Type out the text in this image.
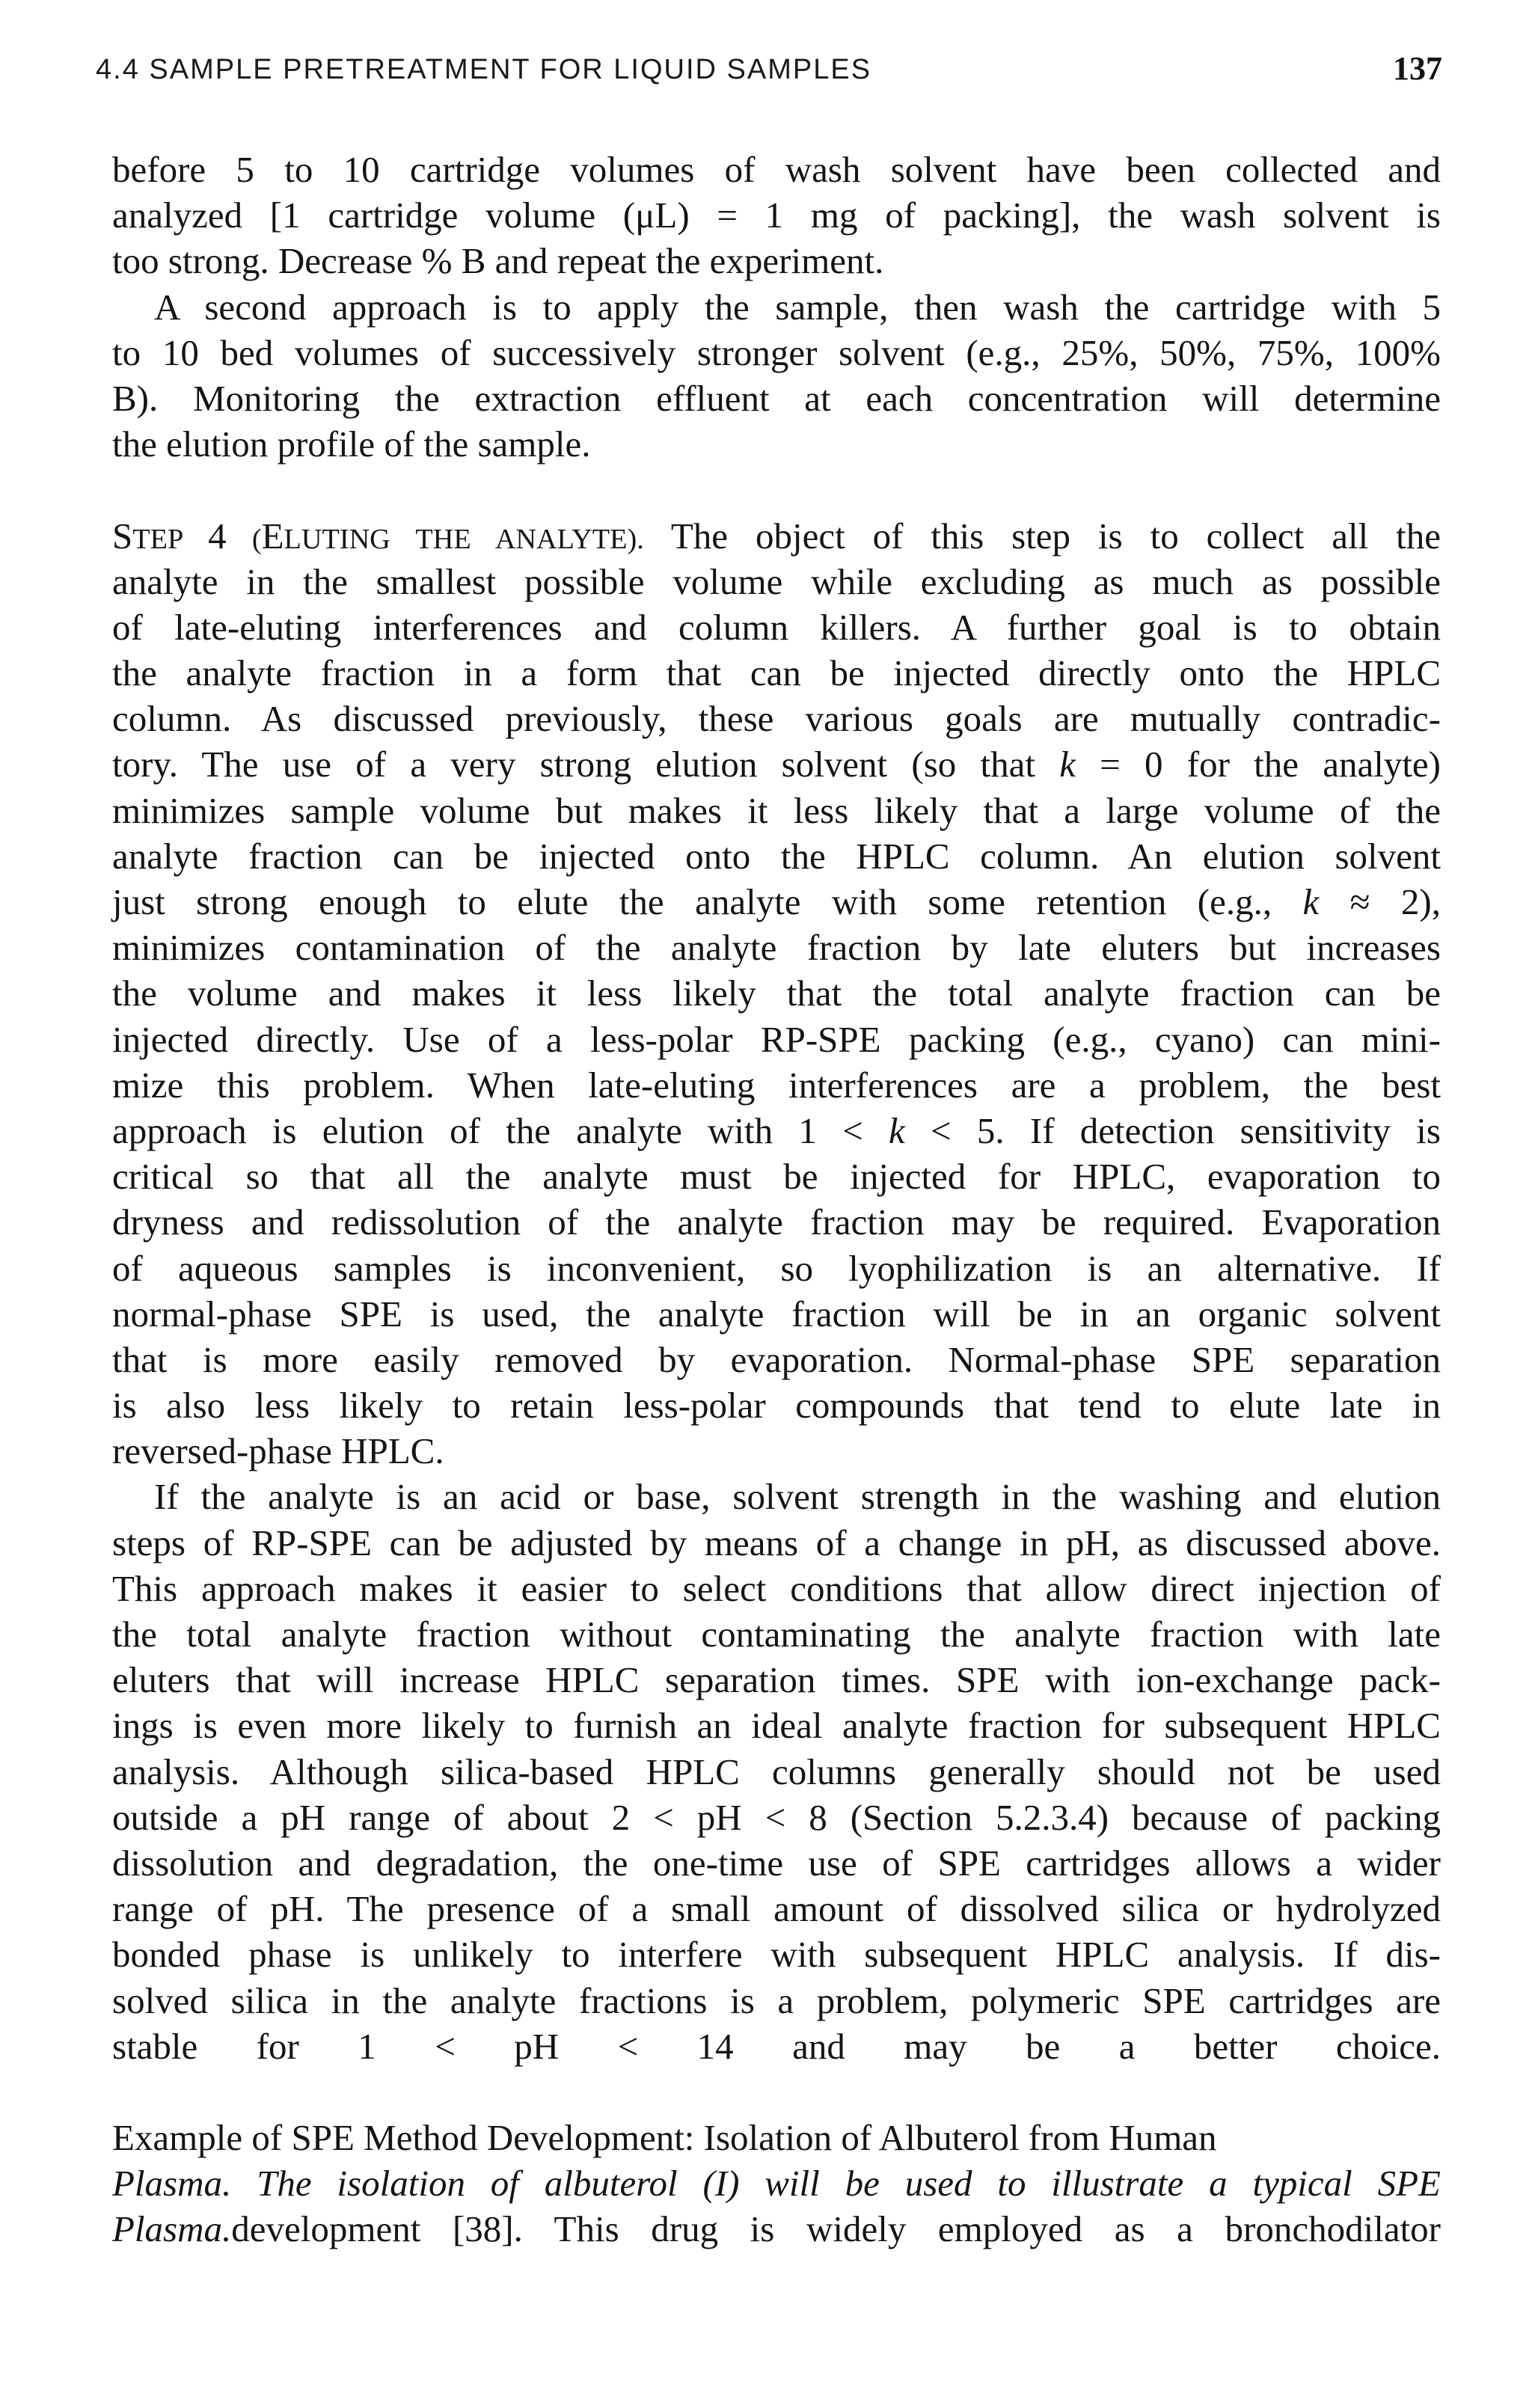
4.4 SAMPLE PRETREATMENT FOR LIQUID SAMPLES	137
before 5 to 10 cartridge volumes of wash solvent have been collected and
analyzed [1 cartridge volume (μL) = 1 mg of packing], the wash solvent is
too strong. Decrease % B and repeat the experiment.
A second approach is to apply the sample, then wash the cartridge with 5
to 10 bed volumes of successively stronger solvent (e.g., 25%, 50%, 75%, 100%
B). Monitoring the extraction effluent at each concentration will determine
the elution profile of the sample.
STEP 4 (ELUTING THE ANALYTE). The object of this step is to collect all the
analyte in the smallest possible volume while excluding as much as possible
of late-eluting interferences and column killers. A further goal is to obtain
the analyte fraction in a form that can be injected directly onto the HPLC
column. As discussed previously, these various goals are mutually contradic-
tory. The use of a very strong elution solvent (so that k = 0 for the analyte)
minimizes sample volume but makes it less likely that a large volume of the
analyte fraction can be injected onto the HPLC column. An elution solvent
just strong enough to elute the analyte with some retention (e.g., k ≈ 2),
minimizes contamination of the analyte fraction by late eluters but increases
the volume and makes it less likely that the total analyte fraction can be
injected directly. Use of a less-polar RP-SPE packing (e.g., cyano) can mini-
mize this problem. When late-eluting interferences are a problem, the best
approach is elution of the analyte with 1 < k < 5. If detection sensitivity is
critical so that all the analyte must be injected for HPLC, evaporation to
dryness and redissolution of the analyte fraction may be required. Evaporation
of aqueous samples is inconvenient, so lyophilization is an alternative. If
normal-phase SPE is used, the analyte fraction will be in an organic solvent
that is more easily removed by evaporation. Normal-phase SPE separation
is also less likely to retain less-polar compounds that tend to elute late in
reversed-phase HPLC.
If the analyte is an acid or base, solvent strength in the washing and elution
steps of RP-SPE can be adjusted by means of a change in pH, as discussed above.
This approach makes it easier to select conditions that allow direct injection of
the total analyte fraction without contaminating the analyte fraction with late
eluters that will increase HPLC separation times. SPE with ion-exchange pack-
ings is even more likely to furnish an ideal analyte fraction for subsequent HPLC
analysis. Although silica-based HPLC columns generally should not be used
outside a pH range of about 2 < pH < 8 (Section 5.2.3.4) because of packing
dissolution and degradation, the one-time use of SPE cartridges allows a wider
range of pH. The presence of a small amount of dissolved silica or hydrolyzed
bonded phase is unlikely to interfere with subsequent HPLC analysis. If dis-
solved silica in the analyte fractions is a problem, polymeric SPE cartridges are
stable for 1 < pH < 14 and may be a better choice.
Example of SPE Method Development: Isolation of Albuterol from Human
Plasma. The isolation of albuterol (I) will be used to illustrate a typical SPE
Plasma.development [38]. This drug is widely employed as a bronchodilator
